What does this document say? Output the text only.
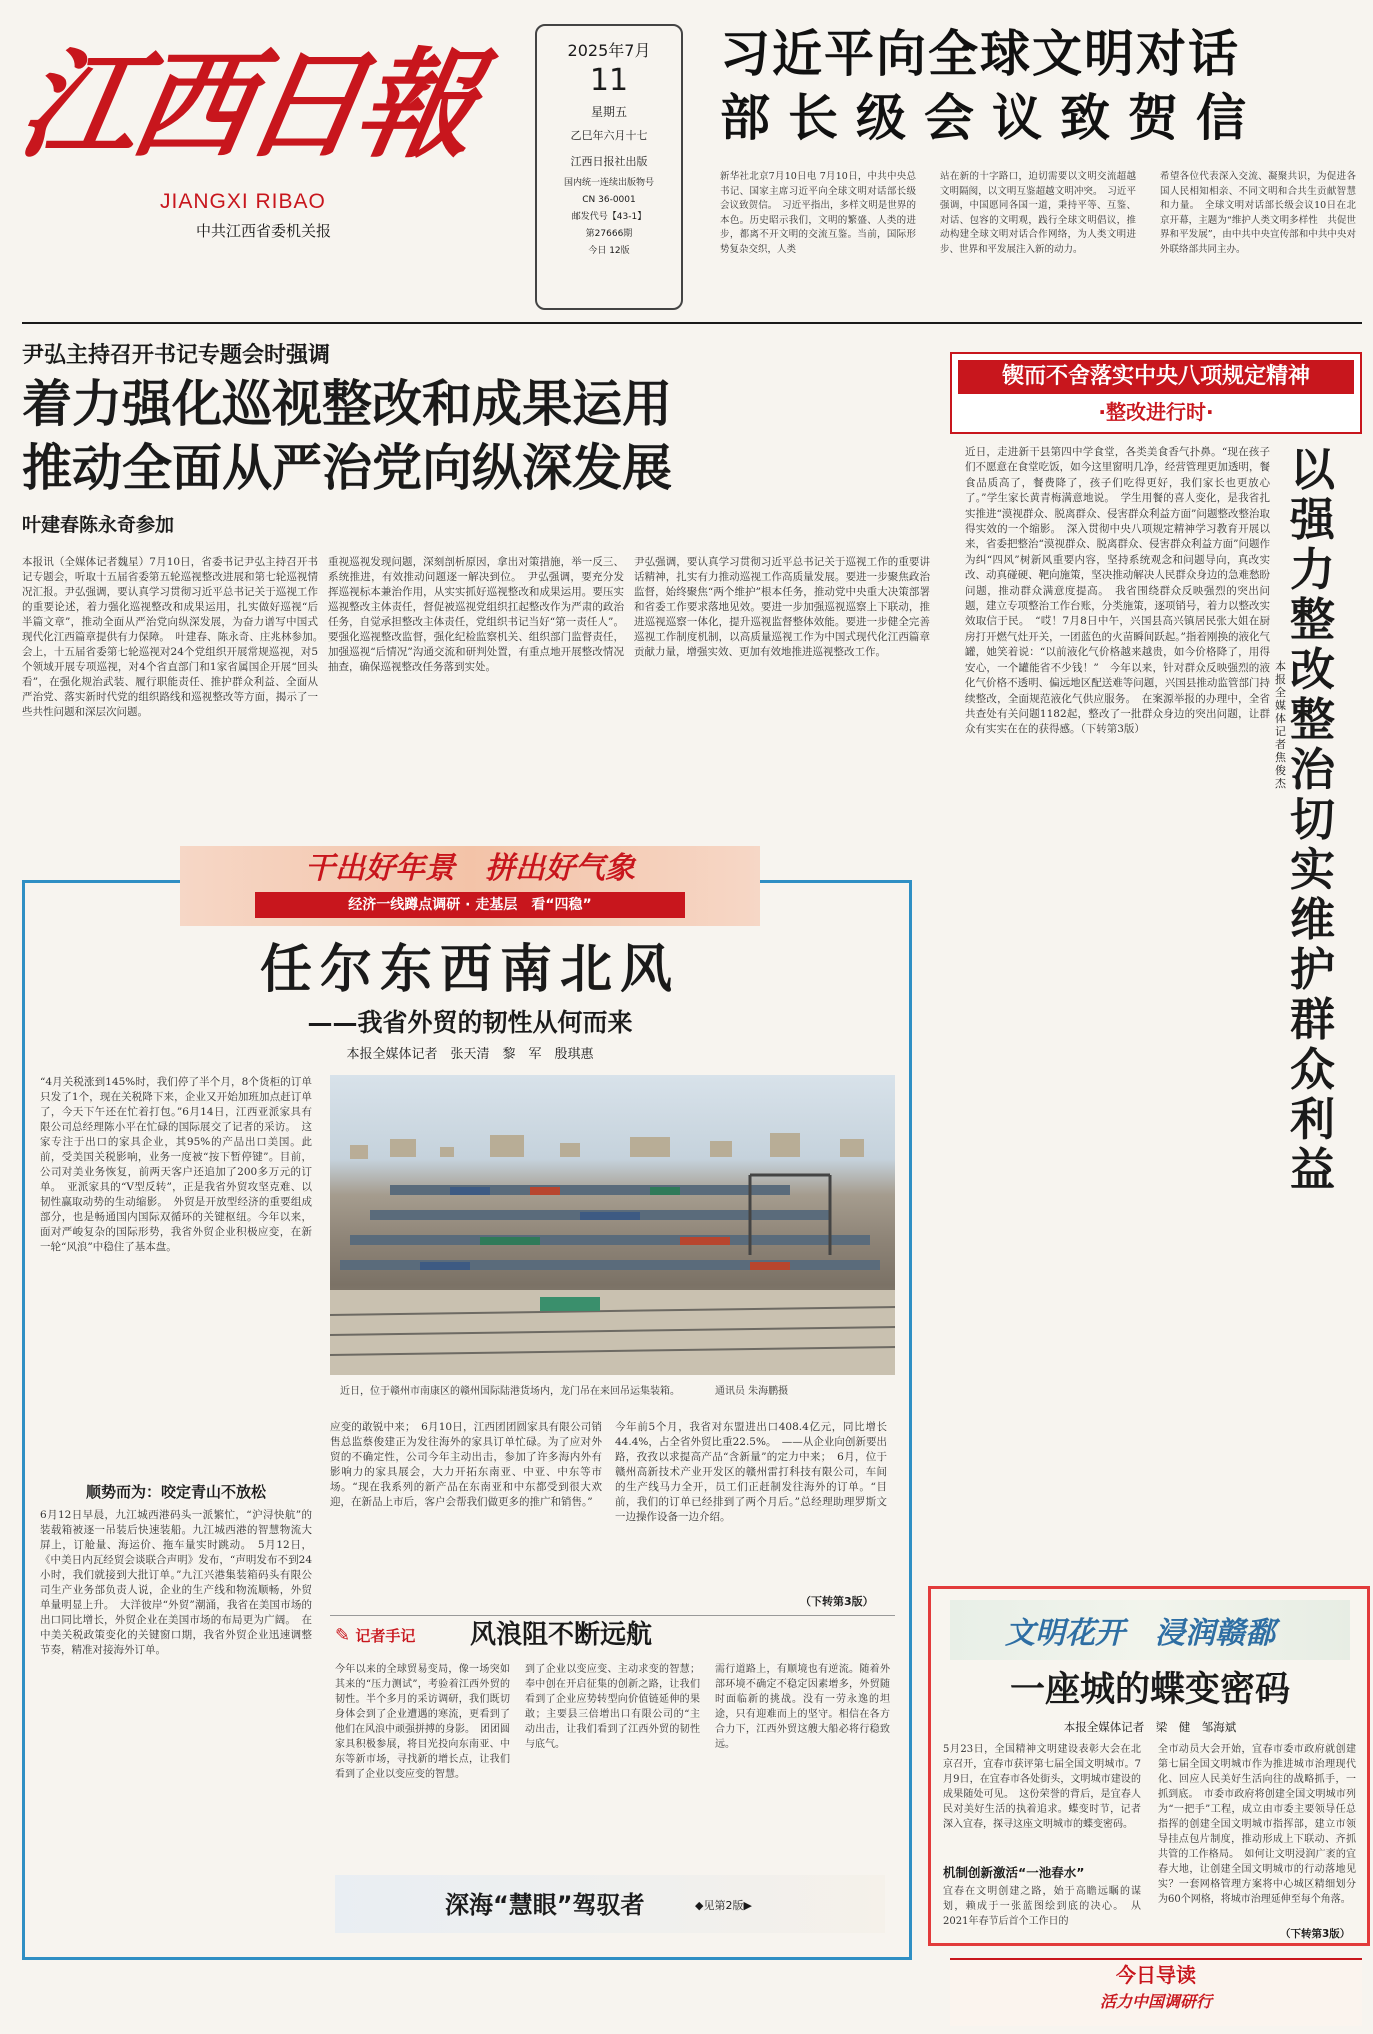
江西日報
JIANGXI RIBAO
中共江西省委机关报
2025年7月
11
星期五
乙巳年六月十七
江西日报社出版
国内统一连续出版物号
CN 36-0001
邮发代号【43-1】
第27666期
今日 12版
习近平向全球文明对话
部长级会议致贺信
新华社北京7月10日电 7月10日，中共中央总书记、国家主席习近平向全球文明对话部长级会议致贺信。　习近平指出，多样文明是世界的本色。历史昭示我们，文明的繁盛、人类的进步，都离不开文明的交流互鉴。当前，国际形势复杂交织，人类
站在新的十字路口，迫切需要以文明交流超越文明隔阂，以文明互鉴超越文明冲突。　习近平强调，中国愿同各国一道，秉持平等、互鉴、对话、包容的文明观，践行全球文明倡议，推动构建全球文明对话合作网络，为人类文明进步、世界和平发展注入新的动力。
希望各位代表深入交流、凝聚共识，为促进各国人民相知相亲、不同文明和合共生贡献智慧和力量。　全球文明对话部长级会议10日在北京开幕，主题为“维护人类文明多样性　共促世界和平发展”，由中共中央宣传部和中共中央对外联络部共同主办。
尹弘主持召开书记专题会时强调
着力强化巡视整改和成果运用
推动全面从严治党向纵深发展
叶建春陈永奇参加
本报讯（全媒体记者魏星）7月10日，省委书记尹弘主持召开书记专题会，听取十五届省委第五轮巡视整改进展和第七轮巡视情况汇报。尹弘强调，要认真学习贯彻习近平总书记关于巡视工作的重要论述，着力强化巡视整改和成果运用，扎实做好巡视“后半篇文章”，推动全面从严治党向纵深发展，为奋力谱写中国式现代化江西篇章提供有力保障。　叶建春、陈永奇、庄兆林参加。　会上，十五届省委第七轮巡视对24个党组织开展常规巡视，对5个领域开展专项巡视，对4个省直部门和1家省属国企开展“回头看”，在强化规治武装、履行职能责任、推护群众利益、全面从严治党、落实新时代党的组织路线和巡视整改等方面，揭示了一些共性问题和深层次问题。
重视巡视发现问题，深刻剖析原因，拿出对策措施，举一反三、系统推进，有效推动问题逐一解决到位。　尹弘强调，要充分发挥巡视标本兼治作用，从实实抓好巡视整改和成果运用。要压实巡视整改主体责任，督促被巡视党组织扛起整改作为严肃的政治任务，自觉承担整改主体责任，党组织书记当好“第一责任人”。要强化巡视整改监督，强化纪检监察机关、组织部门监督责任，加强巡视“后情况”沟通交流和研判处置，有重点地开展整改情况抽查，确保巡视整改任务落到实处。
尹弘强调，要认真学习贯彻习近平总书记关于巡视工作的重要讲话精神，扎实有力推动巡视工作高质量发展。要进一步聚焦政治监督，始终聚焦“两个维护”根本任务，推动党中央重大决策部署和省委工作要求落地见效。要进一步加强巡视巡察上下联动，推进巡视巡察一体化，提升巡视监督整体效能。要进一步健全完善巡视工作制度机制，以高质量巡视工作为中国式现代化江西篇章贡献力量，增强实效、更加有效地推进巡视整改工作。
锲而不舍落实中央八项规定精神
·整改进行时·
近日，走进新干县第四中学食堂，各类美食香气扑鼻。“现在孩子们不愿意在食堂吃饭，如今这里窗明几净，经营管理更加透明，餐食品质高了，餐费降了，孩子们吃得更好，我们家长也更放心了。”学生家长黄青梅满意地说。　学生用餐的喜人变化，是我省扎实推进“漠视群众、脱离群众、侵害群众利益方面”问题整改整治取得实效的一个缩影。　深入贯彻中央八项规定精神学习教育开展以来，省委把整治“漠视群众、脱离群众、侵害群众利益方面”问题作为纠“四风”树新风重要内容，坚持系统观念和问题导向，真改实改、动真碰硬、靶向施策，坚决推动解决人民群众身边的急难愁盼问题，推动群众满意度提高。　我省围绕群众反映强烈的突出问题，建立专项整治工作台账，分类施策，逐项销号，着力以整改实效取信于民。　“哎！7月8日中午，兴国县高兴镇居民张大姐在厨房打开燃气灶开关，一团蓝色的火苗瞬间跃起。”指着刚换的液化气罐，她笑着说：“以前液化气价格越来越贵，如今价格降了，用得安心，一个罐能省不少钱！”　今年以来，针对群众反映强烈的液化气价格不透明、偏远地区配送难等问题，兴国县推动监管部门持续整改，全面规范液化气供应服务。　在案源举报的办理中，全省共查处有关问题1182起，整改了一批群众身边的突出问题，让群众有实实在在的获得感。（下转第3版）
以强力整改整治切实维护群众利益
本报全媒体记者 焦俊杰
干出好年景　拼出好气象
经济一线蹲点调研 · 走基层　看“四稳”
任尔东西南北风
——我省外贸的韧性从何而来
本报全媒体记者　张天清　黎　军　殷琪惠
“4月关税涨到145%时，我们停了半个月，8个货柜的订单只发了1个，现在关税降下来，企业又开始加班加点赶订单了，今天下午还在忙着打包。”6月14日，江西亚派家具有限公司总经理陈小平在忙碌的国际展交了记者的采访。　这家专注于出口的家具企业，其95%的产品出口美国。此前，受美国关税影响，业务一度被“按下暂停键”。目前，公司对美业务恢复，前两天客户还追加了200多万元的订单。　亚派家具的“V型反转”，正是我省外贸攻坚克难、以韧性赢取动势的生动缩影。　外贸是开放型经济的重要组成部分，也是畅通国内国际双循环的关键枢纽。今年以来，面对严峻复杂的国际形势，我省外贸企业积极应变，在新一轮“风浪”中稳住了基本盘。
顺势而为：咬定青山不放松
6月12日早晨，九江城西港码头一派繁忙，“沪浔快航”的装载箱被逐一吊装后快速装船。九江城西港的智慧物流大屏上，订舱量、海运价、拖车量实时跳动。　5月12日，《中美日内瓦经贸会谈联合声明》发布，“声明发布不到24小时，我们就接到大批订单。”九江兴港集装箱码头有限公司生产业务部负责人说，企业的生产线和物流顺畅，外贸单量明显上升。　大洋彼岸“外贸”潮涌，我省在美国市场的出口同比增长，外贸企业在美国市场的布局更为广阔。　在中美关税政策变化的关键窗口期，我省外贸企业迅速调整节奏，精准对接海外订单。
近日，位于赣州市南康区的赣州国际陆港货场内，龙门吊在来回吊运集装箱。　　　　通讯员 朱海鹏摄
应变的敢锐中来；　6月10日，江西团团圆家具有限公司销售总监蔡俊建正为发往海外的家具订单忙碌。为了应对外贸的不确定性，公司今年主动出击，参加了许多海内外有影响力的家具展会，大力开拓东南亚、中亚、中东等市场。“现在我系列的新产品在东南亚和中东都受到很大欢迎，在新品上市后，客户会帮我们做更多的推广和销售。”
今年前5个月，我省对东盟进出口408.4亿元，同比增长44.4%，占全省外贸比重22.5%。　——从企业向创新要出路，孜孜以求提高产品“含新量”的定力中来；　6月，位于赣州高新技术产业开发区的赣州雷打科技有限公司，车间的生产线马力全开，员工们正赶制发往海外的订单。“目前，我们的订单已经排到了两个月后。”总经理助理罗斯文一边操作设备一边介绍。
（下转第3版）
✎ 记者手记 风浪阻不断远航
今年以来的全球贸易变局，像一场突如其来的“压力测试”，考验着江西外贸的韧性。半个多月的采访调研，我们既切身体会到了企业遭遇的寒流，更看到了他们在风浪中顽强拼搏的身影。　团团圆家具积极参展，将目光投向东南亚、中东等新市场，寻找新的增长点，让我们看到了企业以变应变的智慧。
到了企业以变应变、主动求变的智慧；奉中创在开启征集的创新之路，让我们看到了企业应势转型向价值链延伸的果敢；主要县三倍增出口有限公司的“主动出击，让我们看到了江西外贸的韧性与底气。
需行道路上，有顺境也有逆流。随着外部环境不确定不稳定因素增多，外贸随时面临新的挑战。没有一劳永逸的坦途，只有迎难而上的坚守。相信在各方合力下，江西外贸这艘大船必将行稳致远。
深海“慧眼”驾驭者	◆见第2版▶
文明花开　浸润赣鄱
一座城的蝶变密码
本报全媒体记者　梁　健　邹海斌
5月23日，全国精神文明建设表彰大会在北京召开，宜春市获评第七届全国文明城市。7月9日，在宜春市各处街头，文明城市建设的成果随处可见。　这份荣誉的背后，是宜春人民对美好生活的执着追求。蝶变时节，记者深入宜春，探寻这座文明城市的蝶变密码。
机制创新激活“一池春水”
宜春在文明创建之路，始于高瞻远瞩的谋划，赖成于一张蓝图绘到底的决心。　从2021年春节后首个工作日的
全市动员大会开始，宜春市委市政府就创建第七届全国文明城市作为推进城市治理现代化、回应人民美好生活向往的战略抓手，一抓到底。　市委市政府将创建全国文明城市列为“一把手”工程，成立由市委主要领导任总指挥的创建全国文明城市指挥部，建立市领导挂点包片制度，推动形成上下联动、齐抓共管的工作格局。　如何让文明浸润广袤的宜春大地，让创建全国文明城市的行动落地见实？一套网格管理方案将中心城区精细划分为60个网格，将城市治理延伸至每个角落。
（下转第3版）
今日导读
活力中国调研行
